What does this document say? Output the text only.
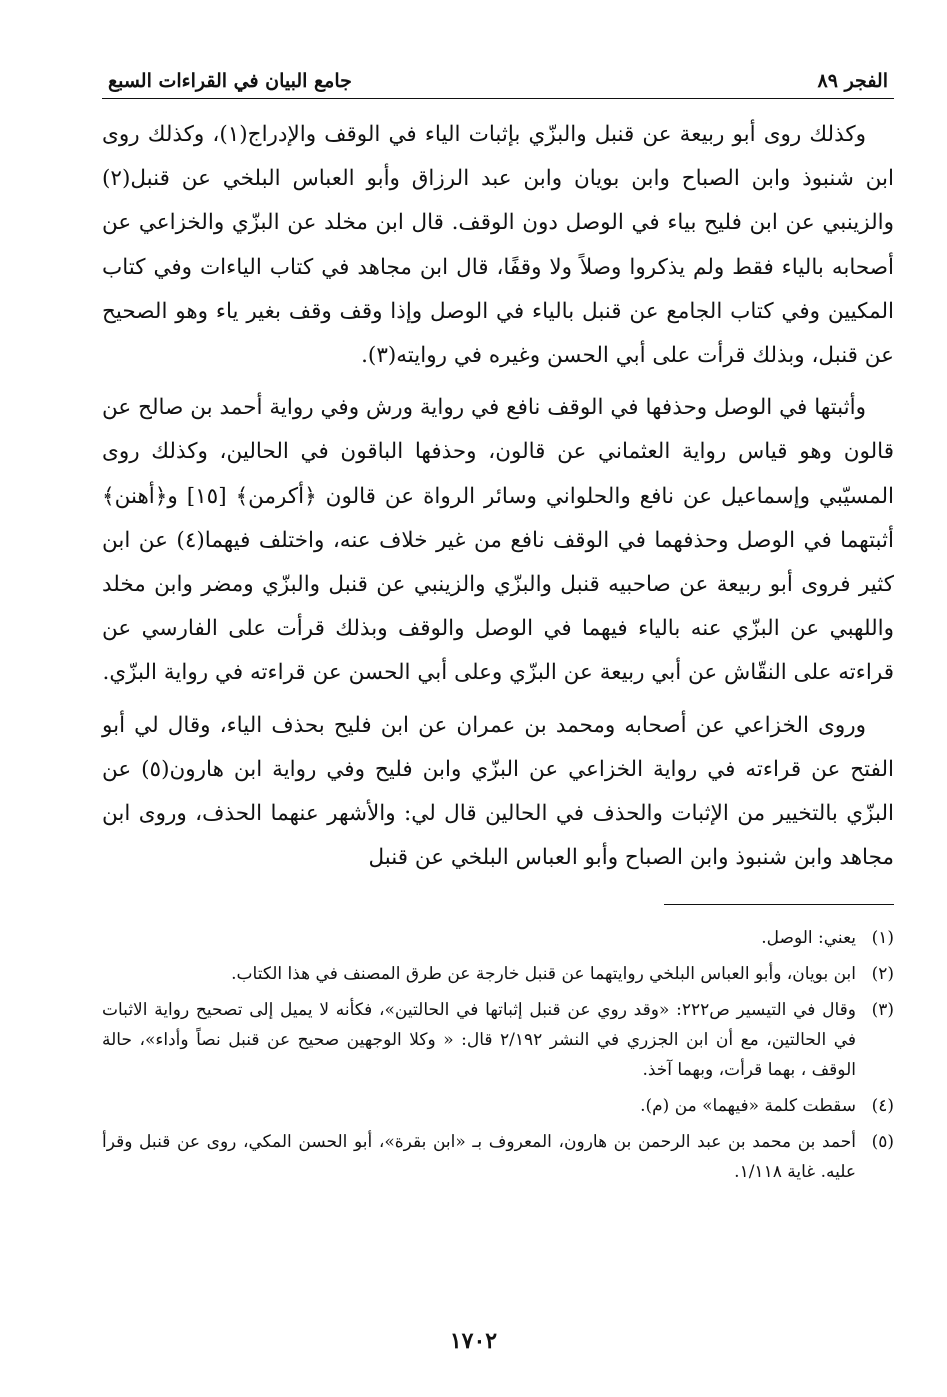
الفجر ٨٩
جامع البيان في القراءات السبع

وكذلك روى أبو ربيعة عن قنبل والبزّي بإثبات الياء في الوقف والإدراج(١)، وكذلك روى ابن شنبوذ وابن الصباح وابن بويان وابن عبد الرزاق وأبو العباس البلخي عن قنبل(٢) والزينبي عن ابن فليح بياء في الوصل دون الوقف. قال ابن مخلد عن البزّي والخزاعي عن أصحابه بالياء فقط ولم يذكروا وصلاً ولا وقفًا، قال ابن مجاهد في كتاب الياءات وفي كتاب المكيين وفي كتاب الجامع عن قنبل بالياء في الوصل وإذا وقف وقف بغير ياء وهو الصحيح عن قنبل، وبذلك قرأت على أبي الحسن وغيره في روايته(٣).

وأثبتها في الوصل وحذفها في الوقف نافع في رواية ورش وفي رواية أحمد بن صالح عن قالون وهو قياس رواية العثماني عن قالون، وحذفها الباقون في الحالين، وكذلك روى المسيّبي وإسماعيل عن نافع والحلواني وسائر الرواة عن قالون ﴿أكرمن﴾ [١٥] و﴿أهنن﴾ أثبتهما في الوصل وحذفهما في الوقف نافع من غير خلاف عنه، واختلف فيهما(٤) عن ابن كثير فروى أبو ربيعة عن صاحبيه قنبل والبزّي والزينبي عن قنبل والبزّي ومضر وابن مخلد واللهبي عن البزّي عنه بالياء فيهما في الوصل والوقف وبذلك قرأت على الفارسي عن قراءته على النقّاش عن أبي ربيعة عن البزّي وعلى أبي الحسن عن قراءته في رواية البزّي.

وروى الخزاعي عن أصحابه ومحمد بن عمران عن ابن فليح بحذف الياء، وقال لي أبو الفتح عن قراءته في رواية الخزاعي عن البزّي وابن فليح وفي رواية ابن هارون(٥) عن البزّي بالتخيير من الإثبات والحذف في الحالين قال لي: والأشهر عنهما الحذف، وروى ابن مجاهد وابن شنبوذ وابن الصباح وأبو العباس البلخي عن قنبل

(١)
يعني: الوصل.
(٢)
ابن بويان، وأبو العباس البلخي روايتهما عن قنبل خارجة عن طرق المصنف في هذا الكتاب.
(٣)
وقال في التيسير ص٢٢٢: «وقد روي عن قنبل إثباتها في الحالتين»، فكأنه لا يميل إلى تصحيح رواية الاثبات في الحالتين، مع أن ابن الجزري في النشر ٢/١٩٢ قال: « وكلا الوجهين صحيح عن قنبل نصاً وأداء»، حالة الوقف ، بهما قرأت، وبهما آخذ.
(٤)
سقطت كلمة «فيهما» من (م).
(٥)
أحمد بن محمد بن عبد الرحمن بن هارون، المعروف بـ «ابن بقرة»، أبو الحسن المكي، روى عن قنبل وقرأ عليه. غاية ١/١١٨.
١٧٠٢
